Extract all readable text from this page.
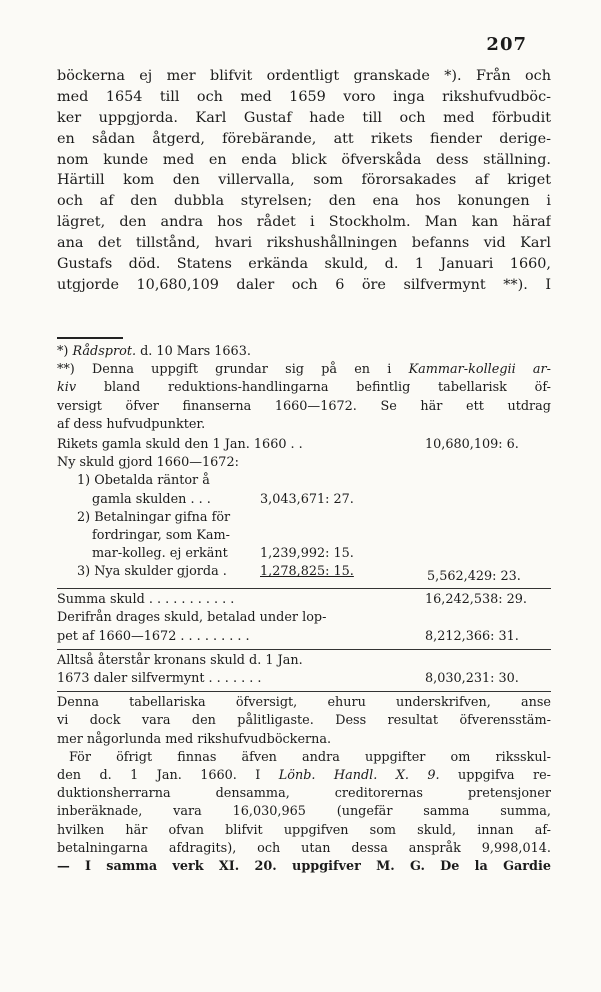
207
böckerna ej mer blifvit ordentligt granskade *). Från och
med 1654 till och med 1659 voro inga rikshufvudböc-
ker uppgjorda. Karl Gustaf hade till och med förbudit
en sådan åtgerd, förebärande, att rikets fiender derige-
nom kunde med en enda blick öfverskåda dess ställning.
Härtill kom den villervalla, som förorsakades af kriget
och af den dubbla styrelsen; den ena hos konungen i
lägret, den andra hos rådet i Stockholm. Man kan häraf
ana det tillstånd, hvari rikshushållningen befanns vid Karl
Gustafs död. Statens erkända skuld, d. 1 Januari 1660,
utgjorde 10,680,109 daler och 6 öre silfvermynt **). I
*) Rådsprot. d. 10 Mars 1663.
**) Denna uppgift grundar sig på en i Kammar-kollegii ar-
kiv bland reduktions-handlingarna befintlig tabellarisk öf-
versigt öfver finanserna 1660—1672. Se här ett utdrag
af dess hufvudpunkter.
Rikets gamla skuld den 1 Jan. 1660 . .	10,680,109: 6.
Ny skuld gjord 1660—1672:
1) Obetalda räntor å
gamla skulden . . .	3,043,671: 27.
2) Betalningar gifna för
fordringar, som Kam-
mar-kolleg. ej erkänt	1,239,992: 15.
3) Nya skulder gjorda .	1,278,825: 15.	5,562,429: 23.
Summa skuld . . . . . . . . . . .	16,242,538: 29.
Derifrån drages skuld, betalad under lop-
pet af 1660—1672 . . . . . . . . .	8,212,366: 31.
Alltså återstår kronans skuld d. 1 Jan.
1673 daler silfvermynt . . . . . . .	8,030,231: 30.
Denna tabellariska öfversigt, ehuru underskrifven, anse
vi dock vara den pålitligaste. Dess resultat öfverensstäm-
mer någorlunda med rikshufvudböckerna.
För öfrigt finnas äfven andra uppgifter om riksskul-
den d. 1 Jan. 1660. I Lönb. Handl. X. 9. uppgifva re-
duktionsherrarna densamma, creditorernas pretensjoner
inberäknade, vara 16,030,965 (ungefär samma summa,
hvilken här ofvan blifvit uppgifven som skuld, innan af-
betalningarna afdragits), och utan dessa anspråk 9,998,014.
— I samma verk XI. 20. uppgifver M. G. De la Gardie
